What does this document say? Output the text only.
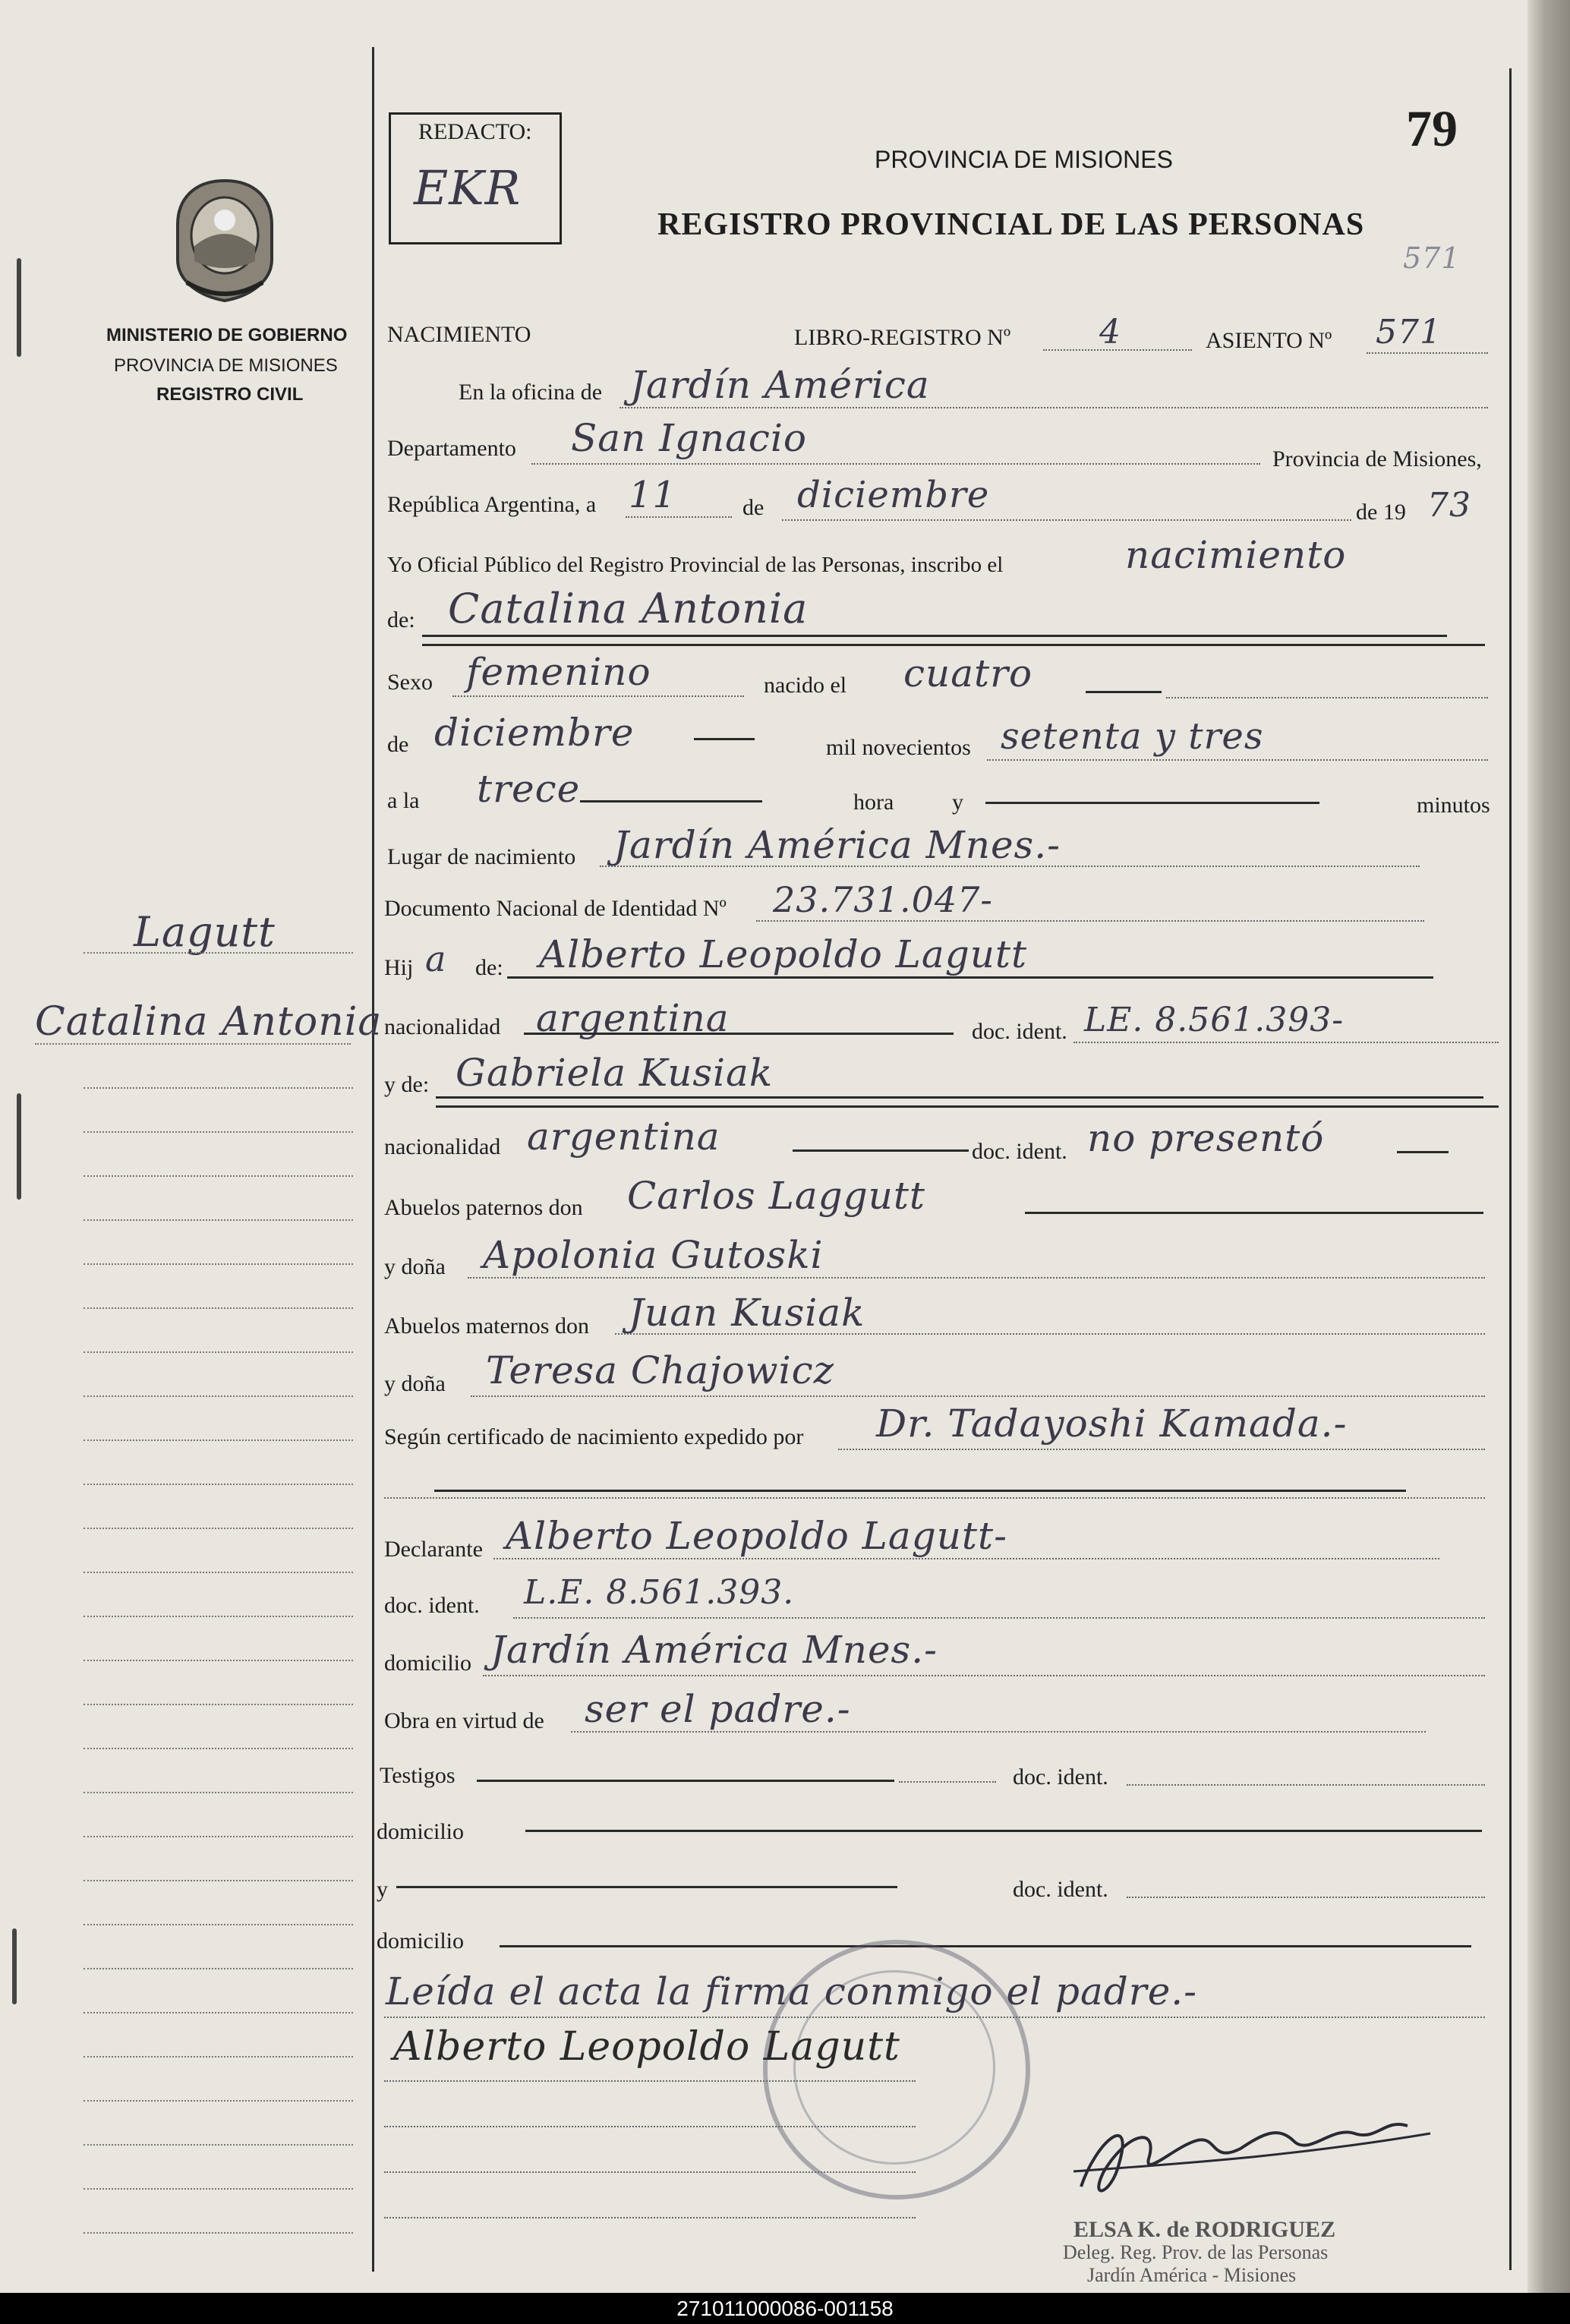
REDACTO:
EKR
79
PROVINCIA DE MISIONES
REGISTRO PROVINCIAL DE LAS PERSONAS
571
MINISTERIO DE GOBIERNO
PROVINCIA DE MISIONES
REGISTRO CIVIL
Lagutt
Catalina Antonia
NACIMIENTO	LIBRO-REGISTRO Nº	4	ASIENTO Nº 571
En la oficina de Jardín América
Departamento San Ignacio	Provincia de Misiones,
República Argentina, a 11	de diciembre	de 19 73
Yo Oficial Público del Registro Provincial de las Personas, inscribo el	nacimiento
de: Catalina Antonia
Sexo femenino	nacido el cuatro
de diciembre	mil novecientos setenta y tres
a la trece	hora	y	minutos
Lugar de nacimiento Jardín América Mnes.-
Documento Nacional de Identidad Nº 23.731.047-
Hij a de: Alberto Leopoldo Lagutt
nacionalidad argentina	doc. ident. LE. 8.561.393-
y de: Gabriela Kusiak
nacionalidad argentina	doc. ident. no presentó
Abuelos paternos don Carlos Laggutt
y doña Apolonia Gutoski
Abuelos maternos don Juan Kusiak
y doña Teresa Chajowicz
Según certificado de nacimiento expedido por Dr. Tadayoshi Kamada.-
Declarante Alberto Leopoldo Lagutt-
doc. ident. L.E. 8.561.393.
domicilio Jardín América Mnes.-
Obra en virtud de ser el padre.-
Testigos	doc. ident.
domicilio
y	doc. ident.
domicilio
Leída el acta la firma conmigo el padre.-
Alberto Leopoldo Lagutt
ELSA K. de RODRIGUEZ
Deleg. Reg. Prov. de las Personas
Jardín América - Misiones
271011000086-001158
